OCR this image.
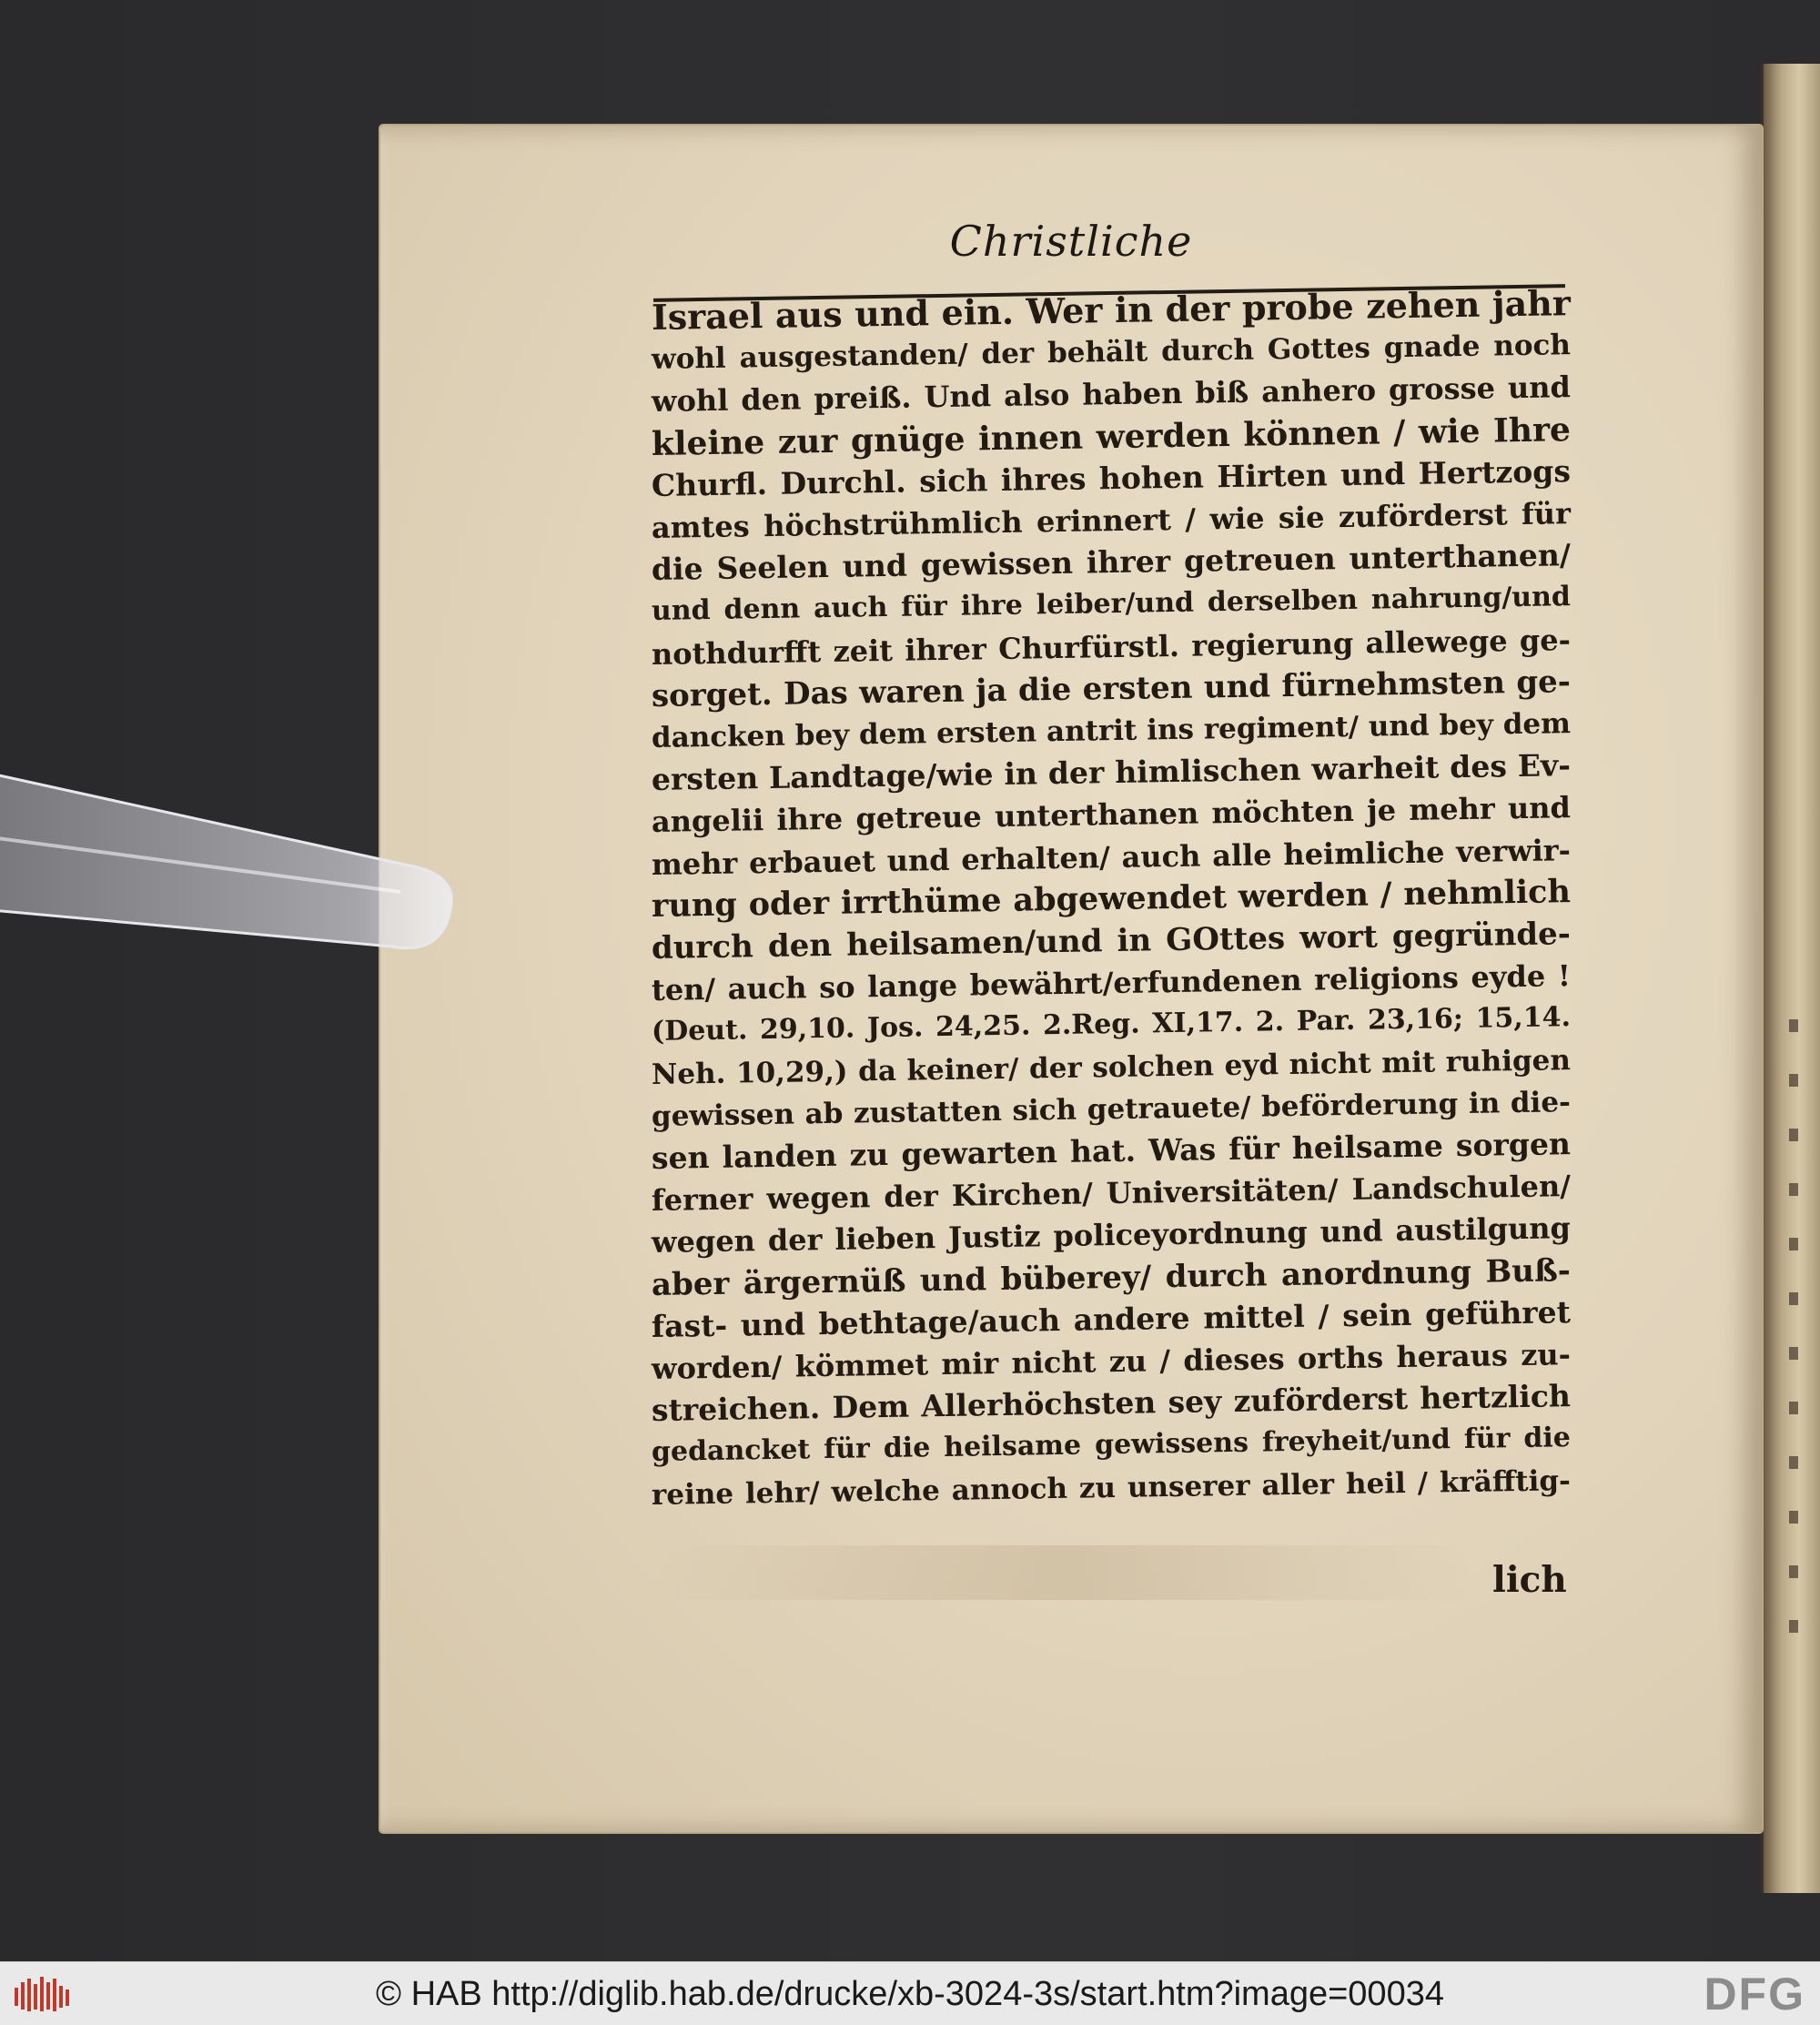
Christliche
Israel aus und ein. Wer in der probe zehen jahr
wohl ausgestanden/ der behält durch Gottes gnade noch
wohl den preiß. Und also haben biß anhero grosse und
kleine zur gnüge innen werden können / wie Ihre
Churfl. Durchl. sich ihres hohen Hirten und Hertzogs
amtes höchstrühmlich erinnert / wie sie zuförderst für
die Seelen und gewissen ihrer getreuen unterthanen/
und denn auch für ihre leiber/und derselben nahrung/und
nothdurfft zeit ihrer Churfürstl. regierung allewege ge-
sorget. Das waren ja die ersten und fürnehmsten ge-
dancken bey dem ersten antrit ins regiment/ und bey dem
ersten Landtage/wie in der himlischen warheit des Ev-
angelii ihre getreue unterthanen möchten je mehr und
mehr erbauet und erhalten/ auch alle heimliche verwir-
rung oder irrthüme abgewendet werden / nehmlich
durch den heilsamen/und in GOttes wort gegründe-
ten/ auch so lange bewährt/erfundenen religions eyde !
(Deut. 29,10. Jos. 24,25. 2.Reg. XI,17. 2. Par. 23,16; 15,14.
Neh. 10,29,) da keiner/ der solchen eyd nicht mit ruhigen
gewissen ab zustatten sich getrauete/ beförderung in die-
sen landen zu gewarten hat. Was für heilsame sorgen
ferner wegen der Kirchen/ Universitäten/ Landschulen/
wegen der lieben Justiz policeyordnung und austilgung
aber ärgernüß und büberey/ durch anordnung Buß-
fast- und bethtage/auch andere mittel / sein geführet
worden/ kömmet mir nicht zu / dieses orths heraus zu-
streichen. Dem Allerhöchsten sey zuförderst hertzlich
gedancket für die heilsame gewissens freyheit/und für die
reine lehr/ welche annoch zu unserer aller heil / kräfftig-
lich
© HAB http://diglib.hab.de/drucke/xb-3024-3s/start.htm?image=00034	DFG
